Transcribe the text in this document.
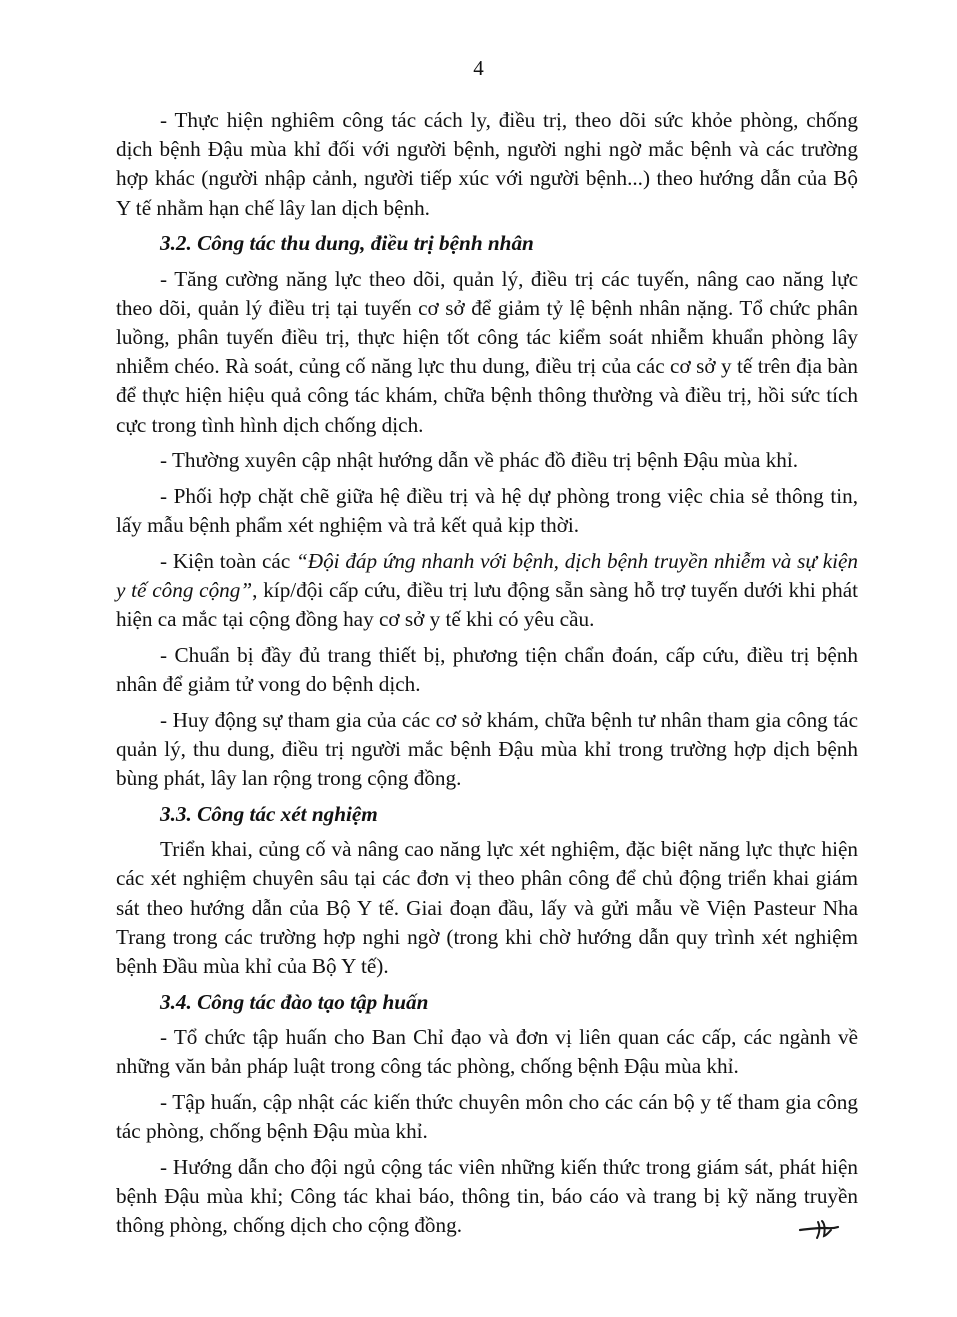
4

- Thực hiện nghiêm công tác cách ly, điều trị, theo dõi sức khỏe phòng, chống dịch bệnh Đậu mùa khỉ đối với người bệnh, người nghi ngờ mắc bệnh và các trường hợp khác (người nhập cảnh, người tiếp xúc với người bệnh...) theo hướng dẫn của Bộ Y tế nhằm hạn chế lây lan dịch bệnh.

3.2. Công tác thu dung, điều trị bệnh nhân

- Tăng cường năng lực theo dõi, quản lý, điều trị các tuyến, nâng cao năng lực theo dõi, quản lý điều trị tại tuyến cơ sở để giảm tỷ lệ bệnh nhân nặng. Tổ chức phân luồng, phân tuyến điều trị, thực hiện tốt công tác kiểm soát nhiễm khuẩn phòng lây nhiễm chéo. Rà soát, củng cố năng lực thu dung, điều trị của các cơ sở y tế trên địa bàn để thực hiện hiệu quả công tác khám, chữa bệnh thông thường và điều trị, hồi sức tích cực trong tình hình dịch chống dịch.

- Thường xuyên cập nhật hướng dẫn về phác đồ điều trị bệnh Đậu mùa khỉ.

- Phối hợp chặt chẽ giữa hệ điều trị và hệ dự phòng trong việc chia sẻ thông tin, lấy mẫu bệnh phẩm xét nghiệm và trả kết quả kịp thời.

- Kiện toàn các “Đội đáp ứng nhanh với bệnh, dịch bệnh truyền nhiễm và sự kiện y tế công cộng”, kíp/đội cấp cứu, điều trị lưu động sẵn sàng hỗ trợ tuyến dưới khi phát hiện ca mắc tại cộng đồng hay cơ sở y tế khi có yêu cầu.

- Chuẩn bị đầy đủ trang thiết bị, phương tiện chẩn đoán, cấp cứu, điều trị bệnh nhân để giảm tử vong do bệnh dịch.

- Huy động sự tham gia của các cơ sở khám, chữa bệnh tư nhân tham gia công tác quản lý, thu dung, điều trị người mắc bệnh Đậu mùa khỉ trong trường hợp dịch bệnh bùng phát, lây lan rộng trong cộng đồng.

3.3. Công tác xét nghiệm

Triển khai, củng cố và nâng cao năng lực xét nghiệm, đặc biệt năng lực thực hiện các xét nghiệm chuyên sâu tại các đơn vị theo phân công để chủ động triển khai giám sát theo hướng dẫn của Bộ Y tế. Giai đoạn đầu, lấy và gửi mẫu về Viện Pasteur Nha Trang trong các trường hợp nghi ngờ (trong khi chờ hướng dẫn quy trình xét nghiệm bệnh Đầu mùa khỉ của Bộ Y tế).

3.4. Công tác đào tạo tập huấn

- Tổ chức tập huấn cho Ban Chỉ đạo và đơn vị liên quan các cấp, các ngành về những văn bản pháp luật trong công tác phòng, chống bệnh Đậu mùa khỉ.

- Tập huấn, cập nhật các kiến thức chuyên môn cho các cán bộ y tế tham gia công tác phòng, chống bệnh Đậu mùa khỉ.

- Hướng dẫn cho đội ngủ cộng tác viên những kiến thức trong giám sát, phát hiện bệnh Đậu mùa khỉ; Công tác khai báo, thông tin, báo cáo và trang bị kỹ năng truyền thông phòng, chống dịch cho cộng đồng.
